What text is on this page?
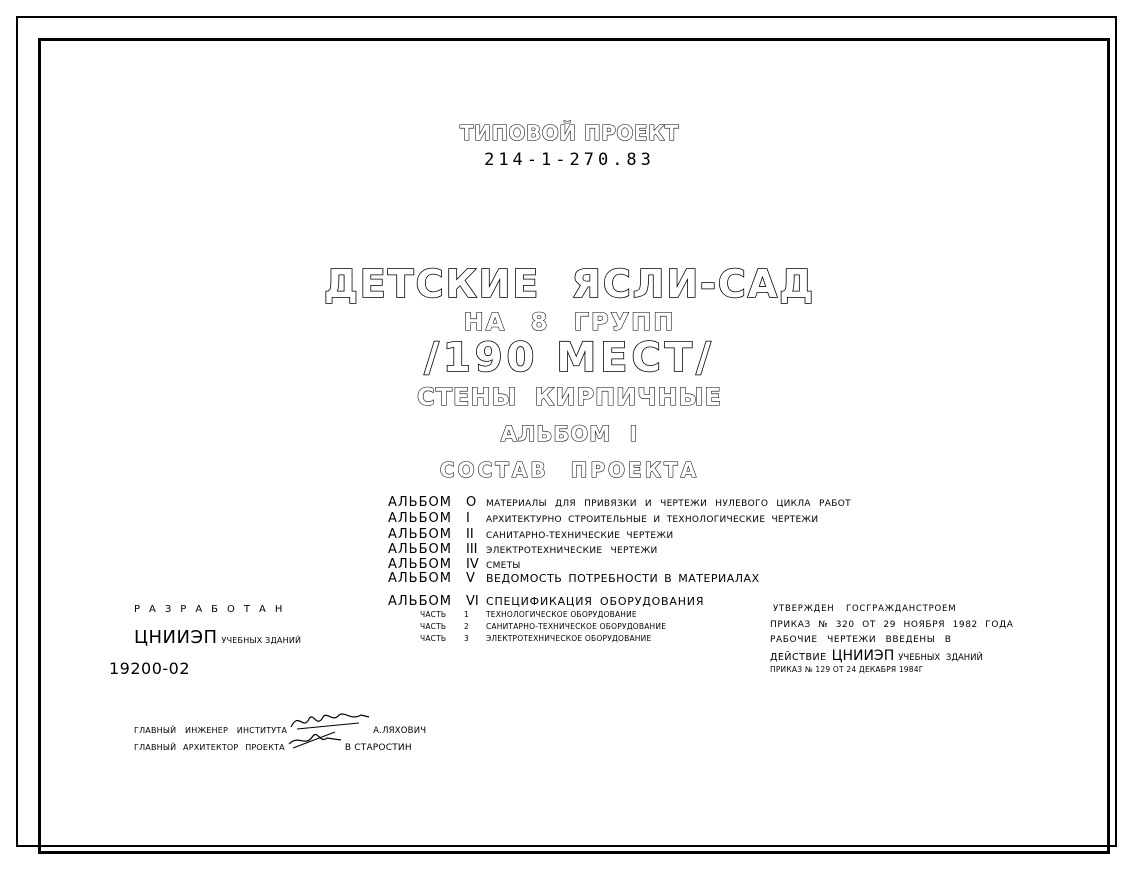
ТИПОВОЙ ПРОЕКТ
214-1-270.83
ДЕТСКИЕ ЯСЛИ-САД
НА 8 ГРУПП
/190 МЕСТ/
СТЕНЫ КИРПИЧНЫЕ
АЛЬБОМ I
СОСТАВ ПРОЕКТА
АЛЬБОМ	O	МАТЕРИАЛЫ ДЛЯ ПРИВЯЗКИ И ЧЕРТЕЖИ НУЛЕВОГО ЦИКЛА РАБОТ
АЛЬБОМ	I	АРХИТЕКТУРНО СТРОИТЕЛЬНЫЕ И ТЕХНОЛОГИЧЕСКИЕ ЧЕРТЕЖИ
АЛЬБОМ	II	САНИТАРНО-ТЕХНИЧЕСКИЕ ЧЕРТЕЖИ
АЛЬБОМ	III ЭЛЕКТРОТЕХНИЧЕСКИЕ ЧЕРТЕЖИ
АЛЬБОМ	IV СМЕТЫ
АЛЬБОМ	V	ВЕДОМОСТЬ ПОТРЕБНОСТИ В МАТЕРИАЛАХ
АЛЬБОМ	VI СПЕЦИФИКАЦИЯ ОБОРУДОВАНИЯ
ЧАСТЬ	1	ТЕХНОЛОГИЧЕСКОЕ ОБОРУДОВАНИЕ
ЧАСТЬ	2	САНИТАРНО-ТЕХНИЧЕСКОЕ ОБОРУДОВАНИЕ
ЧАСТЬ	3	ЭЛЕКТРОТЕХНИЧЕСКОЕ ОБОРУДОВАНИЕ
РАЗРАБОТАН
ЦНИИЭП УЧЕБНЫХ ЗДАНИЙ
19200-02
ГЛАВНЫЙ ИНЖЕНЕР ИНСТИТУТА	А.ЛЯХОВИЧ
ГЛАВНЫЙ АРХИТЕКТОР ПРОЕКТА	В СТАРОСТИН
УТВЕРЖДЕН ГОСГРАЖДАНСТРОЕМ
ПРИКАЗ № 320 ОТ 29 НОЯБРЯ 1982 ГОДА
РАБОЧИЕ ЧЕРТЕЖИ ВВЕДЕНЫ В
ДЕЙСТВИЕ ЦНИИЭП УЧЕБНЫХ ЗДАНИЙ
ПРИКАЗ № 129 ОТ 24 ДЕКАБРЯ 1984Г
